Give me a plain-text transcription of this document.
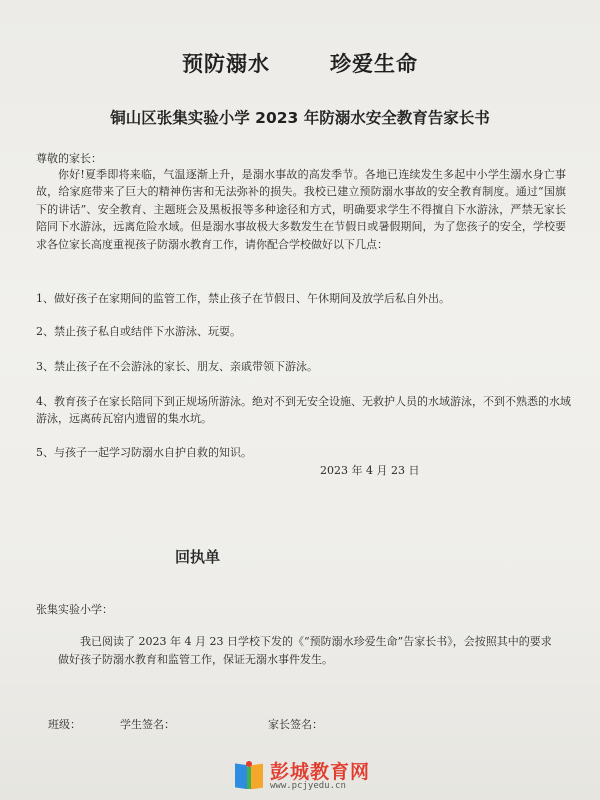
预防溺水	珍爱生命
铜山区张集实验小学 2023 年防溺水安全教育告家长书
尊敬的家长：
你好!夏季即将来临，气温逐渐上升，是溺水事故的高发季节。各地已连续发生多起中小学生溺水身亡事故，给家庭带来了巨大的精神伤害和无法弥补的损失。我校已建立预防溺水事故的安全教育制度。通过“国旗下的讲话”、安全教育、主题班会及黑板报等多种途径和方式，明确要求学生不得擅自下水游泳，严禁无家长陪同下水游泳，远离危险水域。但是溺水事故极大多数发生在节假日或暑假期间，为了您孩子的安全，学校要求各位家长高度重视孩子防溺水教育工作，请你配合学校做好以下几点：
1、做好孩子在家期间的监管工作，禁止孩子在节假日、午休期间及放学后私自外出。
2、禁止孩子私自或结伴下水游泳、玩耍。
3、禁止孩子在不会游泳的家长、朋友、亲戚带领下游泳。
4、教育孩子在家长陪同下到正规场所游泳。绝对不到无安全设施、无救护人员的水域游泳，不到不熟悉的水域游泳，远离砖瓦窑内遗留的集水坑。
5、与孩子一起学习防溺水自护自救的知识。
2023 年 4 月 23 日
回执单
张集实验小学：
我已阅读了 2023 年 4 月 23 日学校下发的《“预防溺水珍爱生命”告家长书》，会按照其中的要求做好孩子防溺水教育和监管工作，保证无溺水事件发生。
班级：	学生签名：	家长签名：
彭城教育网
www.pcjyedu.cn
